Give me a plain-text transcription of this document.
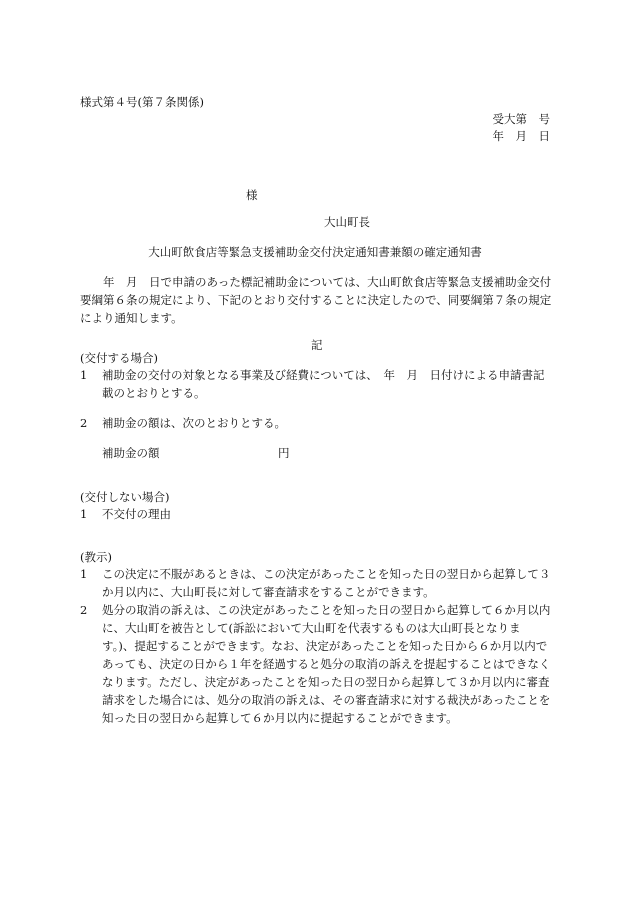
様式第４号(第７条関係)
受大第　号
年　月　日
様
大山町長
大山町飲食店等緊急支援補助金交付決定通知書兼額の確定通知書
年　月　日で申請のあった標記補助金については、大山町飲食店等緊急支援補助金交付要綱第６条の規定により、下記のとおり交付することに決定したので、同要綱第７条の規定により通知します。
記
(交付する場合)
1	補助金の交付の対象となる事業及び経費については、　年　月　日付けによる申請書記載のとおりとする。
2	補助金の額は、次のとおりとする。
補助金の額	円
(交付しない場合)
1	不交付の理由
(教示)
1	この決定に不服があるときは、この決定があったことを知った日の翌日から起算して３か月以内に、大山町長に対して審査請求をすることができます。
2	処分の取消の訴えは、この決定があったことを知った日の翌日から起算して６か月以内に、大山町を被告として(訴訟において大山町を代表するものは大山町長となります。)、提起することができます。なお、決定があったことを知った日から６か月以内であっても、決定の日から１年を経過すると処分の取消の訴えを提起することはできなくなります。ただし、決定があったことを知った日の翌日から起算して３か月以内に審査請求をした場合には、処分の取消の訴えは、その審査請求に対する裁決があったことを知った日の翌日から起算して６か月以内に提起することができます。
